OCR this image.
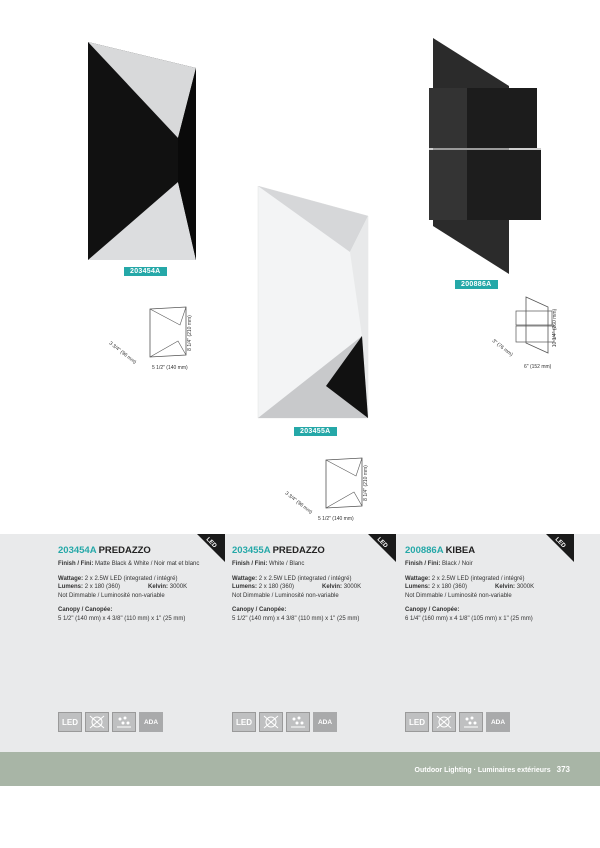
203454A
3 3/4" (96 mm)
8 1/4" (210 mm)
5 1/2" (140 mm)
203455A
3 3/4" (96 mm)
8 1/4" (210 mm)
5 1/2" (140 mm)
200886A
3" (76 mm)
10 1/4" (260 mm)
6" (152 mm)
LED	LED	LED
203454A PREDAZZO
Finish / Fini: Matte Black & White / Noir mat et blanc
Wattage: 2 x 2.5W LED (integrated / intégré)
Lumens: 2 x 180 (360)	Kelvin: 3000K
Not Dimmable / Luminosité non-variable
Canopy / Canopée:
5 1/2" (140 mm) x 4 3/8" (110 mm) x 1" (25 mm)
203455A PREDAZZO
Finish / Fini: White / Blanc
Wattage: 2 x 2.5W LED (integrated / intégré)
Lumens: 2 x 180 (360)	Kelvin: 3000K
Not Dimmable / Luminosité non-variable
Canopy / Canopée:
5 1/2" (140 mm) x 4 3/8" (110 mm) x 1" (25 mm)
200886A KIBEA
Finish / Fini: Black / Noir
Wattage: 2 x 2.5W LED (integrated / intégré)
Lumens: 2 x 180 (360)	Kelvin: 3000K
Not Dimmable / Luminosité non-variable
Canopy / Canopée:
6 1/4" (160 mm) x 4 1/8" (105 mm) x 1" (25 mm)
LED	ADA	LED	ADA	LED	ADA
Outdoor Lighting · Luminaires extérieurs 373
